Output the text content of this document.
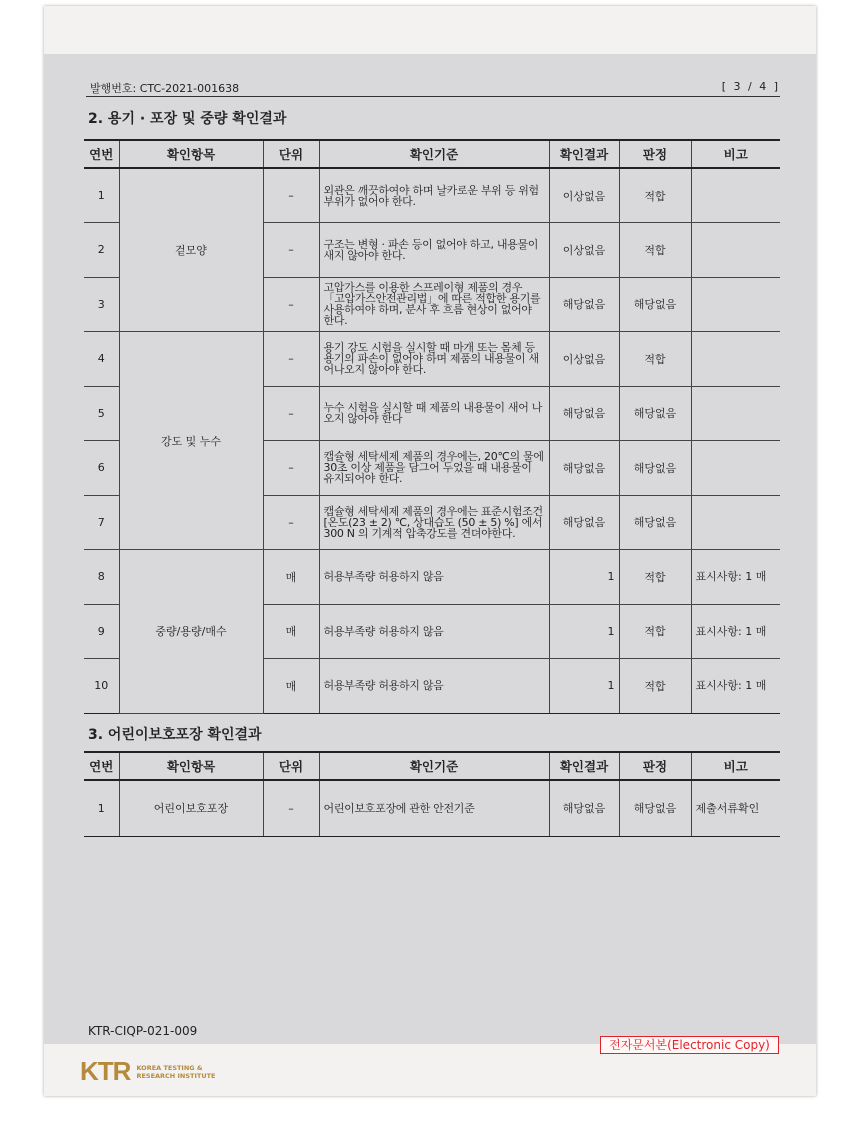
발행번호: CTC-2021-001638	[ 3 / 4 ]
2. 용기 · 포장 및 중량 확인결과
연번	확인항목	단위	확인기준	확인결과	판정	비고
1	겉모양	–	외관은 깨끗하여야 하며 날카로운 부위 등 위험부위가 없어야 한다.	이상없음	적합	
2		–	구조는 변형 · 파손 등이 없어야 하고, 내용물이 새지 않아야 한다.	이상없음	적합	
3		–	고압가스를 이용한 스프레이형 제품의 경우 「고압가스안전관리법」에 따른 적합한 용기를 사용하여야 하며, 분사 후 흐름 현상이 없어야 한다.	해당없음	해당없음	
4	강도 및 누수	–	용기 강도 시험을 실시할 때 마개 또는 몸체 등 용기의 파손이 없어야 하며 제품의 내용물이 새어나오지 않아야 한다.	이상없음	적합	
5		–	누수 시험을 실시할 때 제품의 내용물이 새어 나오지 않아야 한다	해당없음	해당없음	
6		–	캡슐형 세탁세제 제품의 경우에는, 20℃의 물에 30초 이상 제품을 담그어 두었을 때 내용물이 유지되어야 한다.	해당없음	해당없음	
7		–	캡슐형 세탁세제 제품의 경우에는 표준시험조건 [온도(23 ± 2) ℃, 상대습도 (50 ± 5) %] 에서 300 N 의 기계적 압축강도를 견뎌야한다.	해당없음	해당없음	
8	중량/용량/매수	매	허용부족량 허용하지 않음	1	적합	표시사항: 1 매
9		매	허용부족량 허용하지 않음	1	적합	표시사항: 1 매
10		매	허용부족량 허용하지 않음	1	적합	표시사항: 1 매
3. 어린이보호포장 확인결과
연번	확인항목	단위	확인기준	확인결과	판정	비고
1	어린이보호포장	–	어린이보호포장에 관한 안전기준	해당없음	해당없음	제출서류확인
KTR-CIQP-021-009
전자문서본(Electronic Copy)
KTR KOREA TESTING &
RESEARCH INSTITUTE
